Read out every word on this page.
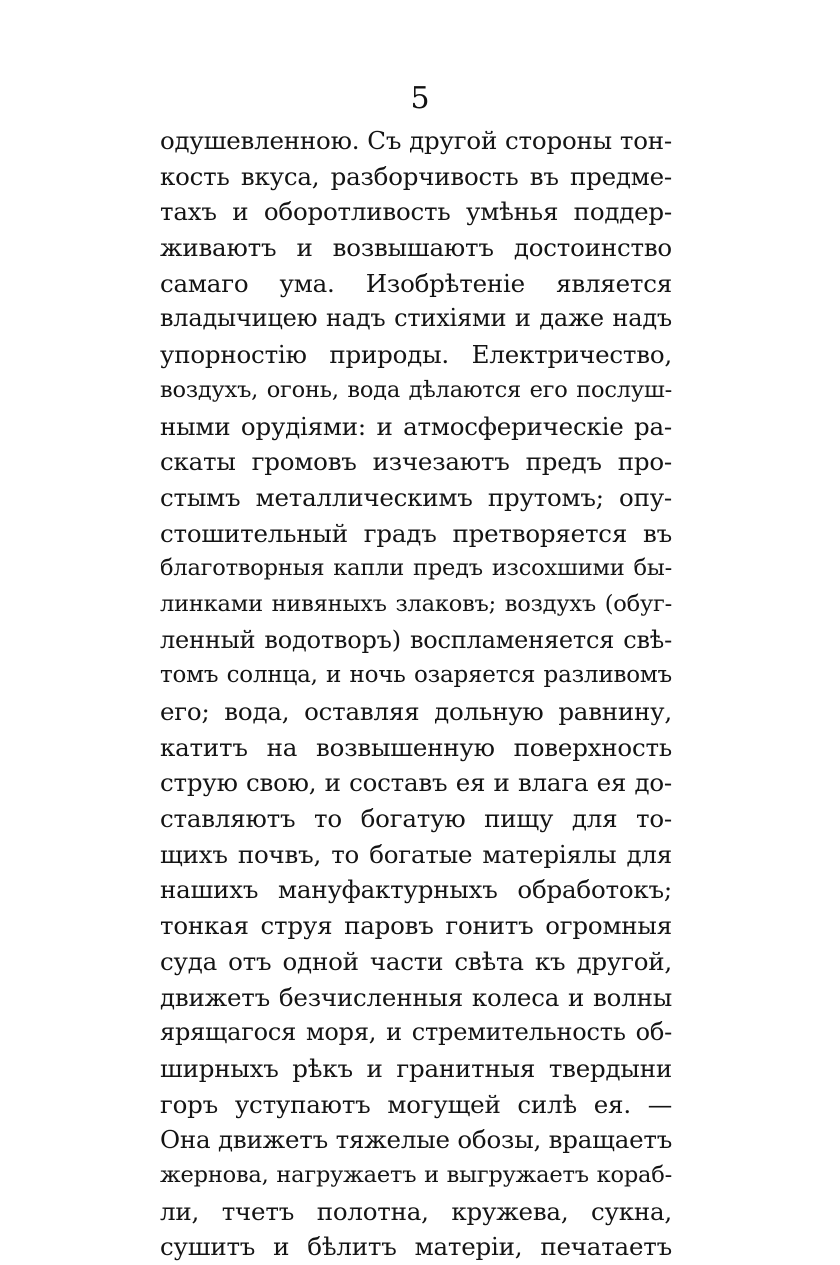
5
одушевленною. Съ другой стороны тон-
кость вкуса, разборчивость въ предме-
тахъ и оборотливость умѣнья поддер-
живаютъ и возвышаютъ достоинство
самаго ума. Изобрѣтеніе является
владычицею надъ стихіями и даже надъ
упорностію природы. Електричество,
воздухъ, огонь, вода дѣлаются его послуш-
ными орудіями: и атмосферическіе ра-
скаты громовъ изчезаютъ предъ про-
стымъ металлическимъ прутомъ; опу-
стошительный градъ претворяется въ
благотворныя капли предъ изсохшими бы-
линками нивяныхъ злаковъ; воздухъ (обуг-
ленный водотворъ) воспламеняется свѣ-
томъ солнца, и ночь озаряется разливомъ
его; вода, оставляя дольную равнину,
катитъ на возвышенную поверхность
струю свою, и составъ ея и влага ея до-
ставляютъ то богатую пищу для то-
щихъ почвъ, то богатые матеріялы для
нашихъ мануфактурныхъ обработокъ;
тонкая струя паровъ гонитъ огромныя
суда отъ одной части свѣта къ другой,
движетъ безчисленныя колеса и волны
ярящагося моря, и стремительность об-
ширныхъ рѣкъ и гранитныя твердыни
горъ уступаютъ могущей силѣ ея. —
Она движетъ тяжелые обозы, вращаетъ
жернова, нагружаетъ и выгружаетъ кораб-
ли, тчетъ полотна, кружева, сукна,
сушитъ и бѣлитъ матеріи, печатаетъ
